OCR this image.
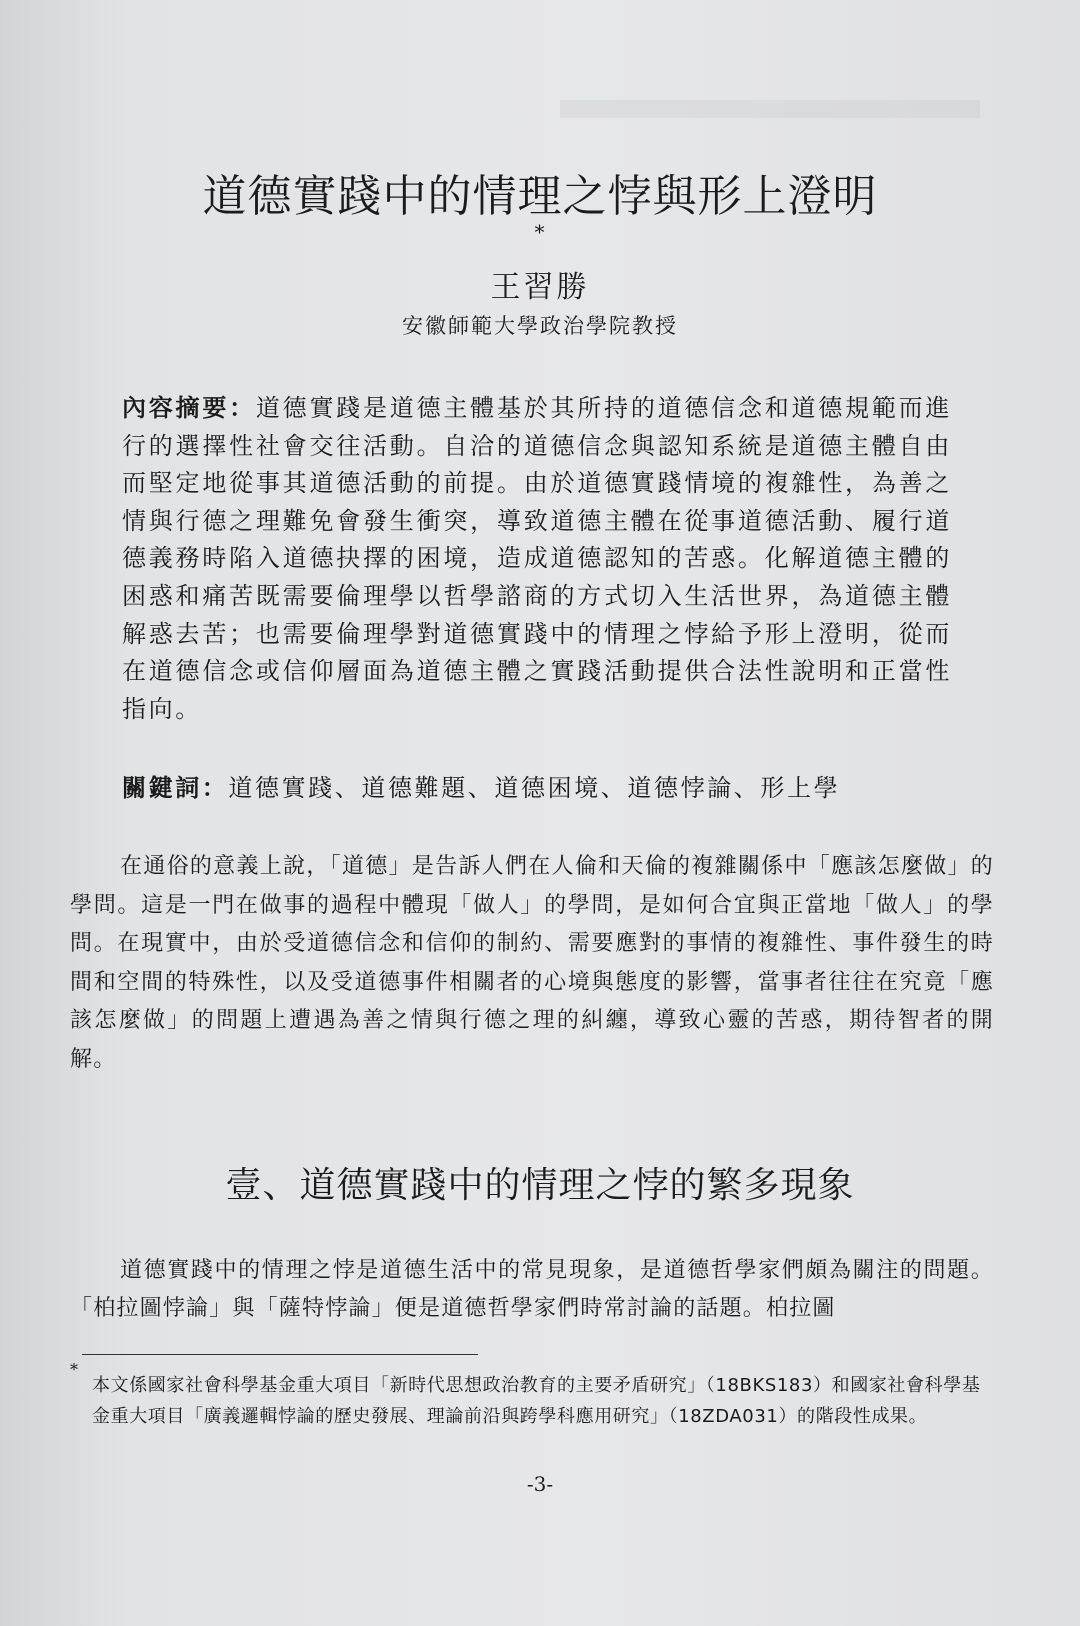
道德實踐中的情理之悖與形上澄明*
王習勝
安徽師範大學政治學院教授
內容摘要：道德實踐是道德主體基於其所持的道德信念和道德規範而進行的選擇性社會交往活動。自洽的道德信念與認知系統是道德主體自由而堅定地從事其道德活動的前提。由於道德實踐情境的複雜性，為善之情與行德之理難免會發生衝突，導致道德主體在從事道德活動、履行道德義務時陷入道德抉擇的困境，造成道德認知的苦惑。化解道德主體的困惑和痛苦既需要倫理學以哲學諮商的方式切入生活世界，為道德主體解惑去苦；也需要倫理學對道德實踐中的情理之悖給予形上澄明，從而在道德信念或信仰層面為道德主體之實踐活動提供合法性說明和正當性指向。
關鍵詞：道德實踐、道德難題、道德困境、道德悖論、形上學
在通俗的意義上說，「道德」是告訴人們在人倫和天倫的複雜關係中「應該怎麼做」的學問。這是一門在做事的過程中體現「做人」的學問，是如何合宜與正當地「做人」的學問。在現實中，由於受道德信念和信仰的制約、需要應對的事情的複雜性、事件發生的時間和空間的特殊性，以及受道德事件相關者的心境與態度的影響，當事者往往在究竟「應該怎麼做」的問題上遭遇為善之情與行德之理的糾纏，導致心靈的苦惑，期待智者的開解。
壹、道德實踐中的情理之悖的繁多現象
道德實踐中的情理之悖是道德生活中的常見現象，是道德哲學家們頗為關注的問題。「柏拉圖悖論」與「薩特悖論」便是道德哲學家們時常討論的話題。柏拉圖
*
本文係國家社會科學基金重大項目「新時代思想政治教育的主要矛盾研究」（18BKS183）和國家社會科學基金重大項目「廣義邏輯悖論的歷史發展、理論前沿與跨學科應用研究」（18ZDA031）的階段性成果。
-3-
